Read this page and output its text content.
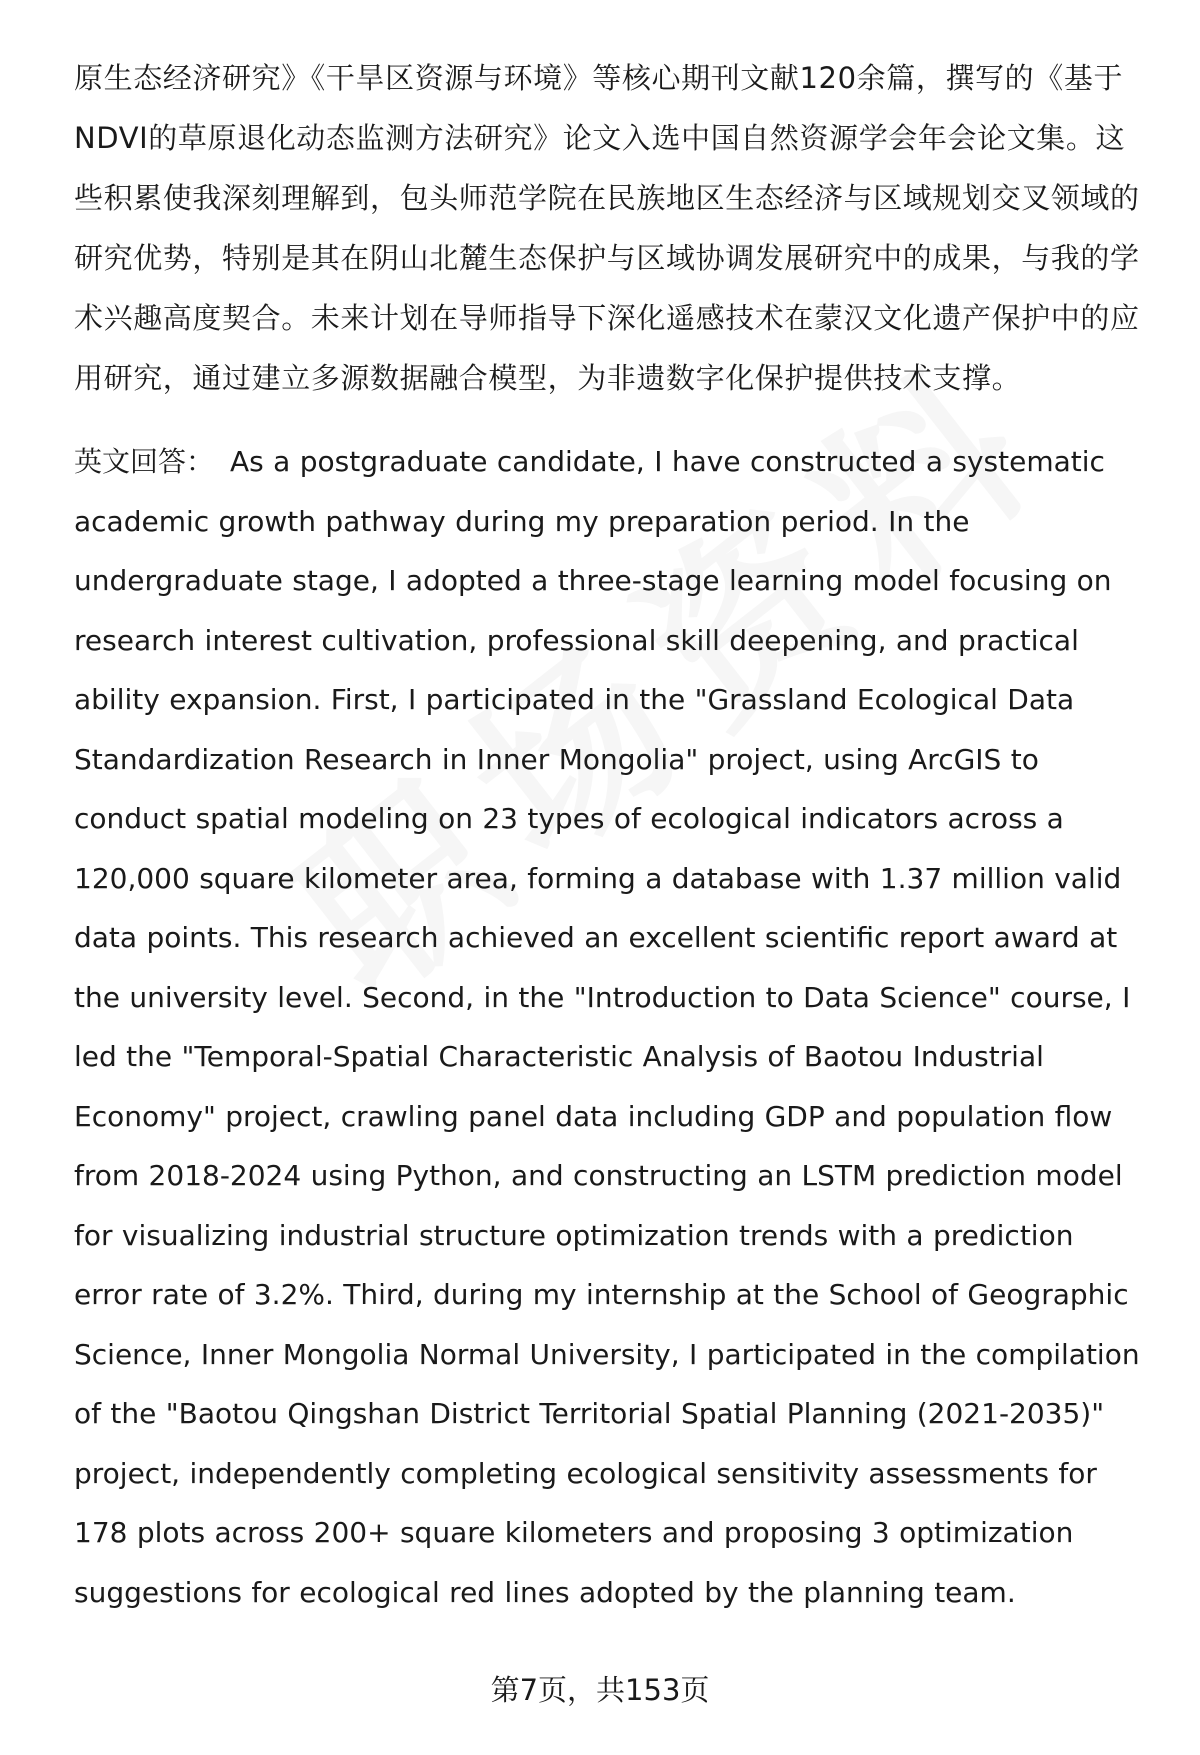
原生态经济研究》《干旱区资源与环境》等核心期刊文献120余篇，撰写的《基于
NDVI的草原退化动态监测方法研究》论文入选中国自然资源学会年会论文集。这
些积累使我深刻理解到，包头师范学院在民族地区生态经济与区域规划交叉领域的
研究优势，特别是其在阴山北麓生态保护与区域协调发展研究中的成果，与我的学
术兴趣高度契合。未来计划在导师指导下深化遥感技术在蒙汉文化遗产保护中的应
用研究，通过建立多源数据融合模型，为非遗数字化保护提供技术支撑。

英文回答： As a postgraduate candidate, I have constructed a systematic
academic growth pathway during my preparation period. In the
undergraduate stage, I adopted a three-stage learning model focusing on
research interest cultivation, professional skill deepening, and practical
ability expansion. First, I participated in the "Grassland Ecological Data
Standardization Research in Inner Mongolia" project, using ArcGIS to
conduct spatial modeling on 23 types of ecological indicators across a
120,000 square kilometer area, forming a database with 1.37 million valid
data points. This research achieved an excellent scientific report award at
the university level. Second, in the "Introduction to Data Science" course, I
led the "Temporal-Spatial Characteristic Analysis of Baotou Industrial
Economy" project, crawling panel data including GDP and population flow
from 2018-2024 using Python, and constructing an LSTM prediction model
for visualizing industrial structure optimization trends with a prediction
error rate of 3.2%. Third, during my internship at the School of Geographic
Science, Inner Mongolia Normal University, I participated in the compilation
of the "Baotou Qingshan District Territorial Spatial Planning (2021-2035)"
project, independently completing ecological sensitivity assessments for
178 plots across 200+ square kilometers and proposing 3 optimization
suggestions for ecological red lines adopted by the planning team.

第7页，共153页
